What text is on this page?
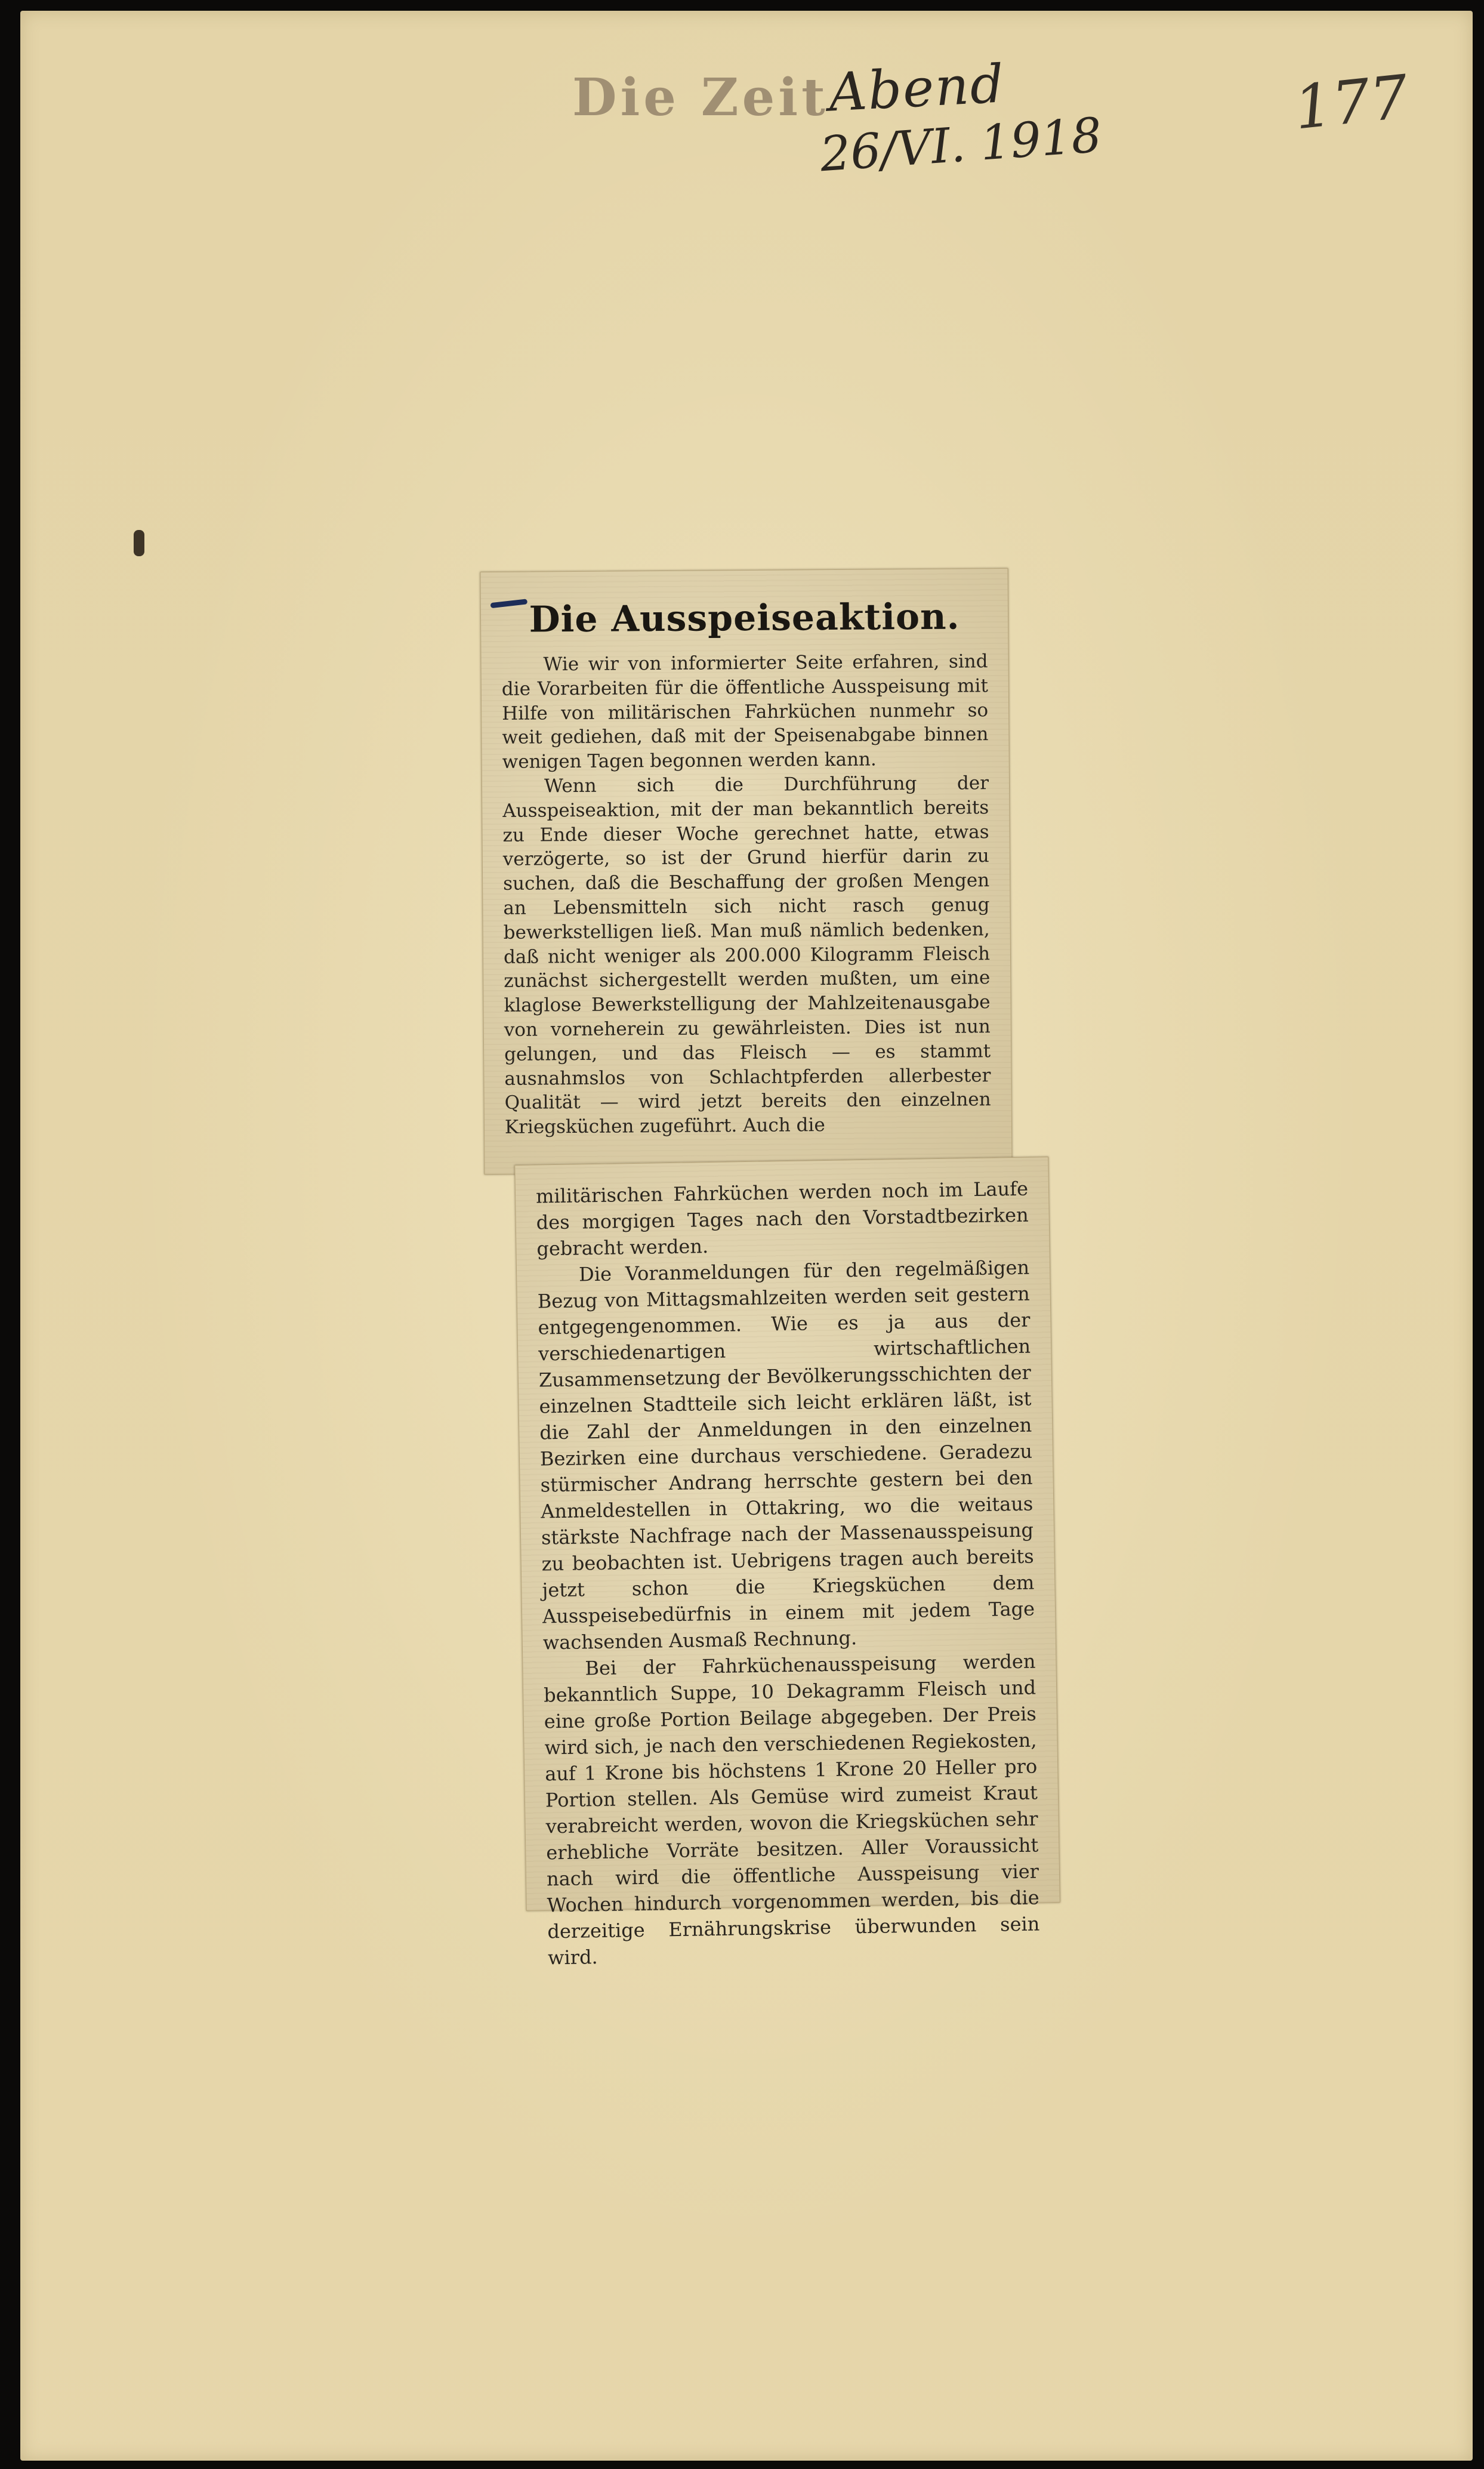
Die Zeit
Abend
26/VI. 1918
177
Die Ausspeiseaktion.

Wie wir von informierter Seite erfahren, sind die Vorarbeiten für die öffentliche Ausspeisung mit Hilfe von militärischen Fahrküchen nunmehr so weit gediehen, daß mit der Speisenabgabe binnen wenigen Tagen begonnen werden kann.

Wenn sich die Durchführung der Ausspeiseaktion, mit der man bekanntlich bereits zu Ende dieser Woche gerechnet hatte, etwas verzögerte, so ist der Grund hierfür darin zu suchen, daß die Beschaffung der großen Mengen an Lebensmitteln sich nicht rasch genug bewerkstelligen ließ. Man muß nämlich bedenken, daß nicht weniger als 200.000 Kilogramm Fleisch zunächst sichergestellt werden mußten, um eine klaglose Bewerkstelligung der Mahlzeitenausgabe von vorneherein zu gewährleisten. Dies ist nun gelungen, und das Fleisch — es stammt ausnahmslos von Schlachtpferden allerbester Qualität — wird jetzt bereits den einzelnen Kriegsküchen zugeführt. Auch die

militärischen Fahrküchen werden noch im Laufe des morgigen Tages nach den Vorstadtbezirken gebracht werden.

Die Voranmeldungen für den regelmäßigen Bezug von Mittagsmahlzeiten werden seit gestern entgegengenommen. Wie es ja aus der verschiedenartigen wirtschaftlichen Zusammensetzung der Bevölkerungsschichten der einzelnen Stadtteile sich leicht erklären läßt, ist die Zahl der Anmeldungen in den einzelnen Bezirken eine durchaus verschiedene. Geradezu stürmischer Andrang herrschte gestern bei den Anmeldestellen in Ottakring, wo die weitaus stärkste Nachfrage nach der Massenausspeisung zu beobachten ist. Uebrigens tragen auch bereits jetzt schon die Kriegsküchen dem Ausspeisebedürfnis in einem mit jedem Tage wachsenden Ausmaß Rechnung.

Bei der Fahrküchenausspeisung werden bekanntlich Suppe, 10 Dekagramm Fleisch und eine große Portion Beilage abgegeben. Der Preis wird sich, je nach den verschiedenen Regiekosten, auf 1 Krone bis höchstens 1 Krone 20 Heller pro Portion stellen. Als Gemüse wird zumeist Kraut verabreicht werden, wovon die Kriegsküchen sehr erhebliche Vorräte besitzen. Aller Voraussicht nach wird die öffentliche Ausspeisung vier Wochen hindurch vorgenommen werden, bis die derzeitige Ernährungskrise überwunden sein wird.
